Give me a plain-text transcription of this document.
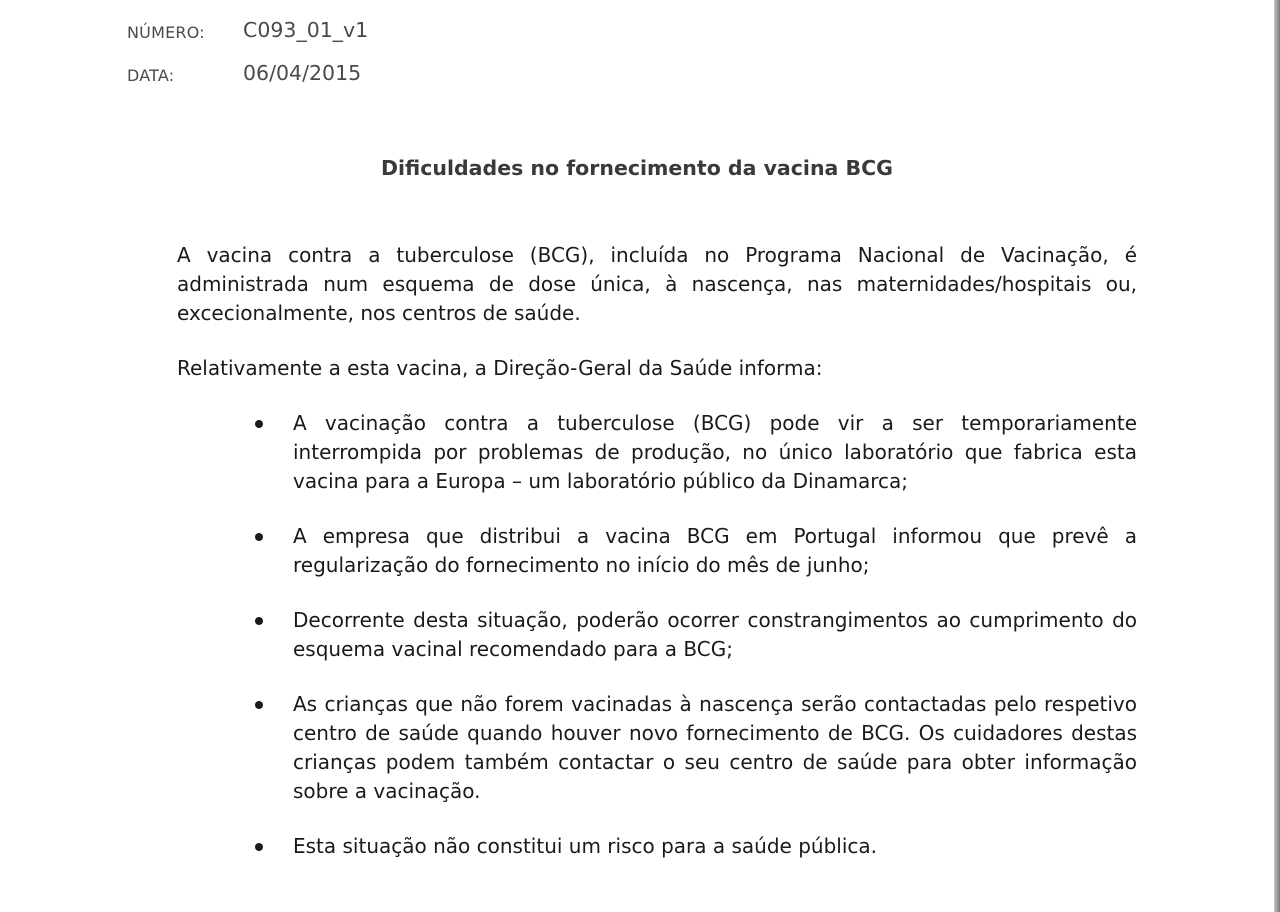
NÚMERO: C093_01_v1
DATA:	06/04/2015
Dificuldades no fornecimento da vacina BCG

A vacina contra a tuberculose (BCG), incluída no Programa Nacional de Vacinação, é administrada num esquema de dose única, à nascença, nas maternidades/hospitais ou, excecionalmente, nos centros de saúde.

Relativamente a esta vacina, a Direção-Geral da Saúde informa:

A vacinação contra a tuberculose (BCG) pode vir a ser temporariamente interrompida por problemas de produção, no único laboratório que fabrica esta vacina para a Europa – um laboratório público da Dinamarca;
A empresa que distribui a vacina BCG em Portugal informou que prevê a regularização do fornecimento no início do mês de junho;
Decorrente desta situação, poderão ocorrer constrangimentos ao cumprimento do esquema vacinal recomendado para a BCG;
As crianças que não forem vacinadas à nascença serão contactadas pelo respetivo centro de saúde quando houver novo fornecimento de BCG. Os cuidadores destas crianças podem também contactar o seu centro de saúde para obter informação sobre a vacinação.
Esta situação não constitui um risco para a saúde pública.
